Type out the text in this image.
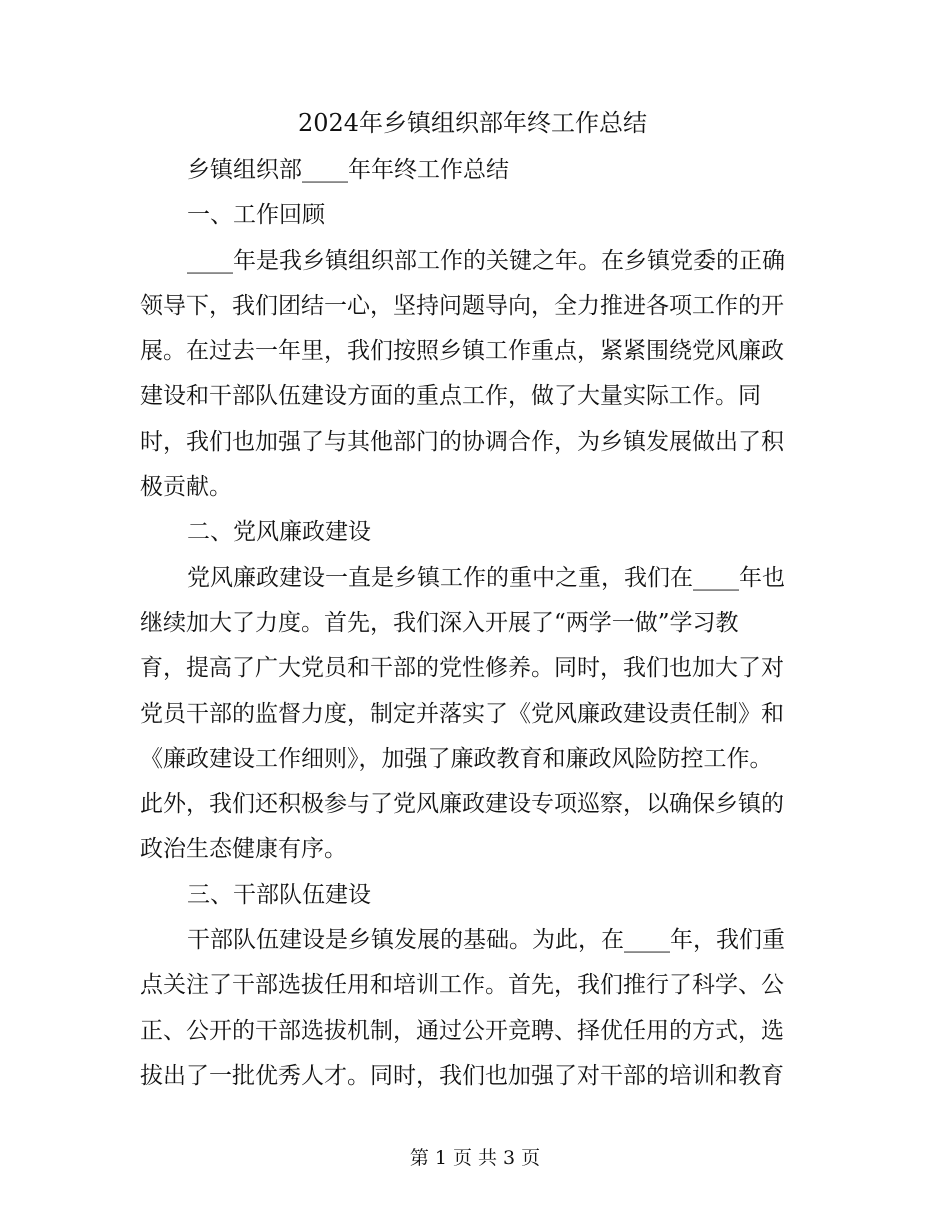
2024年乡镇组织部年终工作总结
乡镇组织部____年年终工作总结
一、工作回顾
____年是我乡镇组织部工作的关键之年。在乡镇党委的正确
领导下，我们团结一心，坚持问题导向，全力推进各项工作的开
展。在过去一年里，我们按照乡镇工作重点，紧紧围绕党风廉政
建设和干部队伍建设方面的重点工作，做了大量实际工作。同
时，我们也加强了与其他部门的协调合作，为乡镇发展做出了积
极贡献。
二、党风廉政建设
党风廉政建设一直是乡镇工作的重中之重，我们在____年也
继续加大了力度。首先，我们深入开展了“两学一做”学习教
育，提高了广大党员和干部的党性修养。同时，我们也加大了对
党员干部的监督力度，制定并落实了《党风廉政建设责任制》和
《廉政建设工作细则》，加强了廉政教育和廉政风险防控工作。
此外，我们还积极参与了党风廉政建设专项巡察，以确保乡镇的
政治生态健康有序。
三、干部队伍建设
干部队伍建设是乡镇发展的基础。为此，在____年，我们重
点关注了干部选拔任用和培训工作。首先，我们推行了科学、公
正、公开的干部选拔机制，通过公开竞聘、择优任用的方式，选
拔出了一批优秀人才。同时，我们也加强了对干部的培训和教育
第 1 页 共 3 页
